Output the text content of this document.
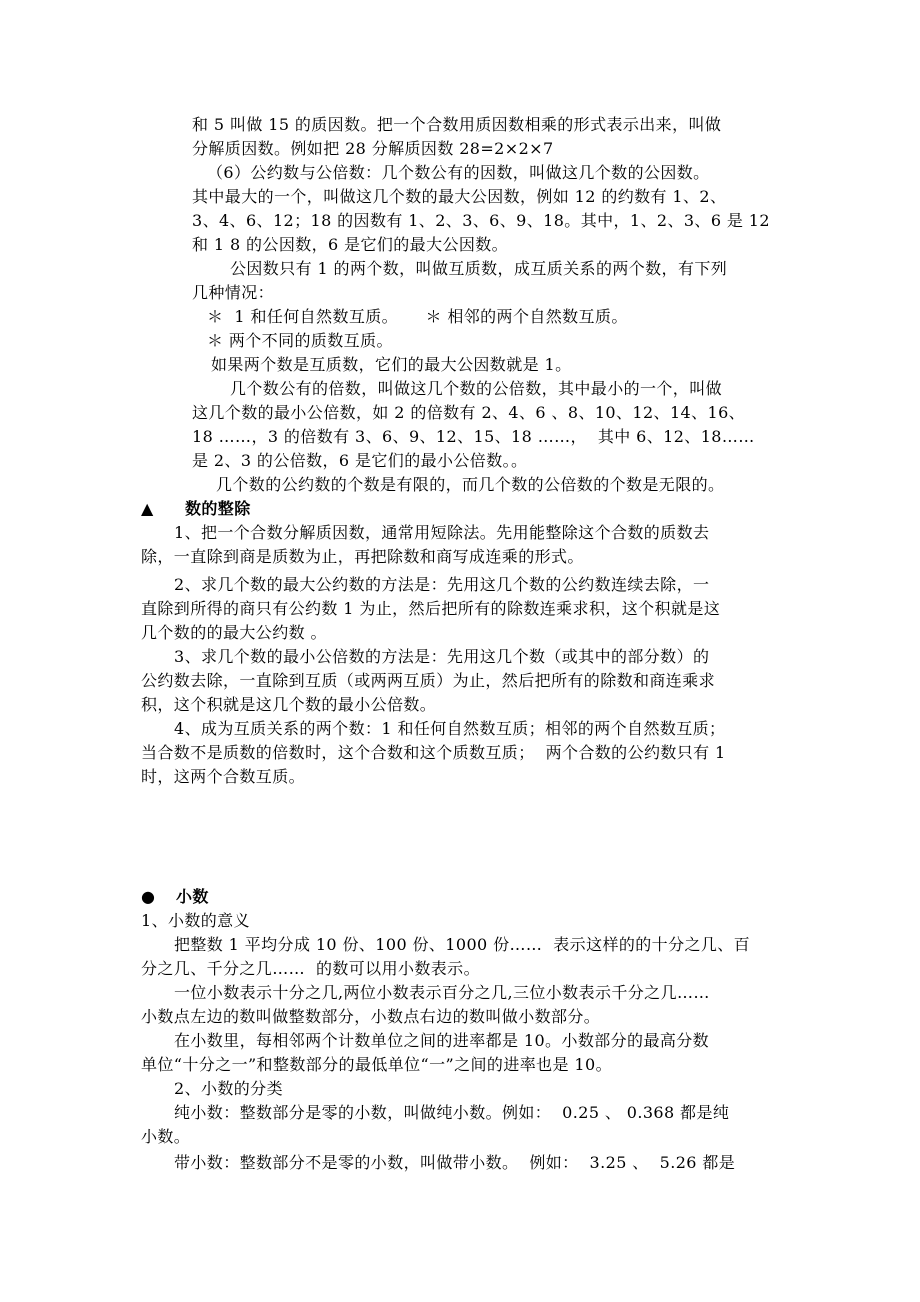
和 5 叫做 15 的质因数。把一个合数用质因数相乘的形式表示出来，叫做

分解质因数。例如把 28 分解质因数 28=2×2×7

（6）公约数与公倍数：几个数公有的因数，叫做这几个数的公因数。

其中最大的一个，叫做这几个数的最大公因数，例如 12 的约数有 1、2、

3、4、6、12；18 的因数有 1、2、3、6、9、18。其中，1、2、3、6 是 12

和 1 8 的公因数，6 是它们的最大公因数。

公因数只有 1 的两个数，叫做互质数，成互质关系的两个数，有下列

几种情况：

＊  1 和任何自然数互质。     ＊ 相邻的两个自然数互质。

＊ 两个不同的质数互质。

如果两个数是互质数，它们的最大公因数就是 1。

几个数公有的倍数，叫做这几个数的公倍数，其中最小的一个，叫做

这几个数的最小公倍数，如 2 的倍数有 2、4、6 、8、10、12、14、16、

18 ……，3 的倍数有 3、6、9、12、15、18 ……，  其中 6、12、18……

是 2、3 的公倍数，6 是它们的最小公倍数。。

几个数的公约数的个数是有限的，而几个数的公倍数的个数是无限的。

▲ 数的整除

1、把一个合数分解质因数，通常用短除法。先用能整除这个合数的质数去

除，一直除到商是质数为止，再把除数和商写成连乘的形式。

2、求几个数的最大公约数的方法是：先用这几个数的公约数连续去除，一

直除到所得的商只有公约数 1 为止，然后把所有的除数连乘求积，这个积就是这

几个数的的最大公约数 。

3、求几个数的最小公倍数的方法是：先用这几个数（或其中的部分数）的

公约数去除，一直除到互质（或两两互质）为止，然后把所有的除数和商连乘求

积，这个积就是这几个数的最小公倍数。

4、成为互质关系的两个数：1 和任何自然数互质；相邻的两个自然数互质；

当合数不是质数的倍数时，这个合数和这个质数互质；  两个合数的公约数只有 1

时，这两个合数互质。

● 小数

1、小数的意义

把整数 1 平均分成 10 份、100 份、1000 份……  表示这样的的十分之几、百

分之几、千分之几……  的数可以用小数表示。

一位小数表示十分之几,两位小数表示百分之几,三位小数表示千分之几……

小数点左边的数叫做整数部分，小数点右边的数叫做小数部分。

在小数里，每相邻两个计数单位之间的进率都是 10。小数部分的最高分数

单位“十分之一”和整数部分的最低单位“一”之间的进率也是 10。

2、小数的分类

纯小数：整数部分是零的小数，叫做纯小数。例如：  0.25 、 0.368 都是纯

小数。

带小数：整数部分不是零的小数，叫做带小数。  例如：  3.25 、  5.26 都是
